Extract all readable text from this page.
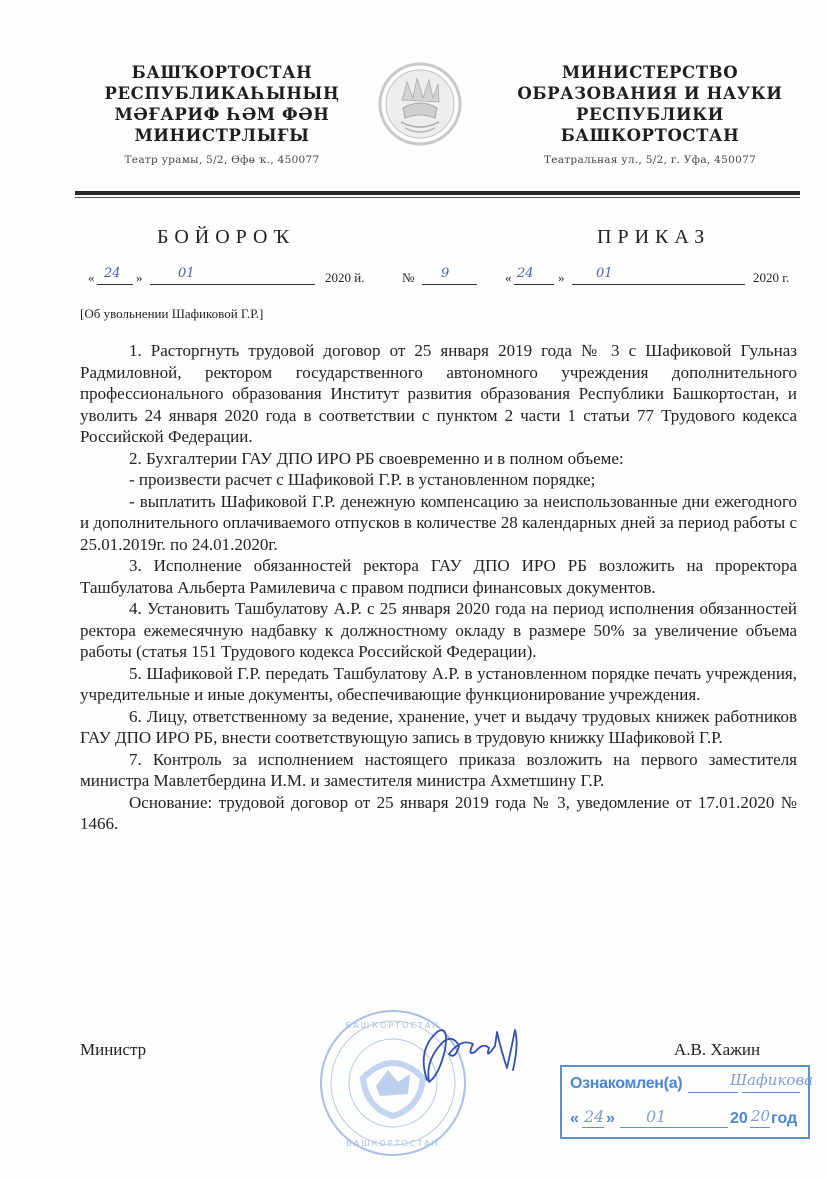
БАШҠОРТОСТАН
РЕСПУБЛИКАҺЫНЫҢ
МӘҒАРИФ ҺӘМ ФӘН
МИНИСТРЛЫҒЫ
Театр урамы, 5/2, Өфө ҡ., 450077
МИНИСТЕРСТВО
ОБРАЗОВАНИЯ И НАУКИ
РЕСПУБЛИКИ
БАШКОРТОСТАН
Театральная ул., 5/2, г. Уфа, 450077
БОЙОРОҠ	ПРИКАЗ
« 24 »	01	2020 й.	№ 9	« 24 » 01	2020 г.
[Об увольнении Шафиковой Г.Р.]

1. Расторгнуть трудовой договор от 25 января 2019 года № 3 с Шафиковой Гульназ Радмиловной, ректором государственного автономного учреждения дополнительного профессионального образования Институт развития образования Республики Башкортостан, и уволить 24 января 2020 года в соответствии с пунктом 2 части 1 статьи 77 Трудового кодекса Российской Федерации.

2. Бухгалтерии ГАУ ДПО ИРО РБ своевременно и в полном объеме:

- произвести расчет с Шафиковой Г.Р. в установленном порядке;

- выплатить Шафиковой Г.Р. денежную компенсацию за неиспользованные дни ежегодного и дополнительного оплачиваемого отпусков в количестве 28 календарных дней за период работы с 25.01.2019г. по 24.01.2020г.

3. Исполнение обязанностей ректора ГАУ ДПО ИРО РБ возложить на проректора Ташбулатова Альберта Рамилевича с правом подписи финансовых документов.

4. Установить Ташбулатову А.Р. с 25 января 2020 года на период исполнения обязанностей ректора ежемесячную надбавку к должностному окладу в размере 50% за увеличение объема работы (статья 151 Трудового кодекса Российской Федерации).

5. Шафиковой Г.Р. передать Ташбулатову А.Р. в установленном порядке печать учреждения, учредительные и иные документы, обеспечивающие функционирование учреждения.

6. Лицу, ответственному за ведение, хранение, учет и выдачу трудовых книжек работников ГАУ ДПО ИРО РБ, внести соответствующую запись в трудовую книжку Шафиковой Г.Р.

7. Контроль за исполнением настоящего приказа возложить на первого заместителя министра Мавлетбердина И.М. и заместителя министра Ахметшину Г.Р.

Основание: трудовой договор от 25 января 2019 года № 3, уведомление от 17.01.2020 № 1466.

Министр
БАШҠОРТОСТАН
БАШКОРТОСТАН
А.В. Хажин
Ознакомлен(а)	Шафикова
« 24 » 01	20 20 год
